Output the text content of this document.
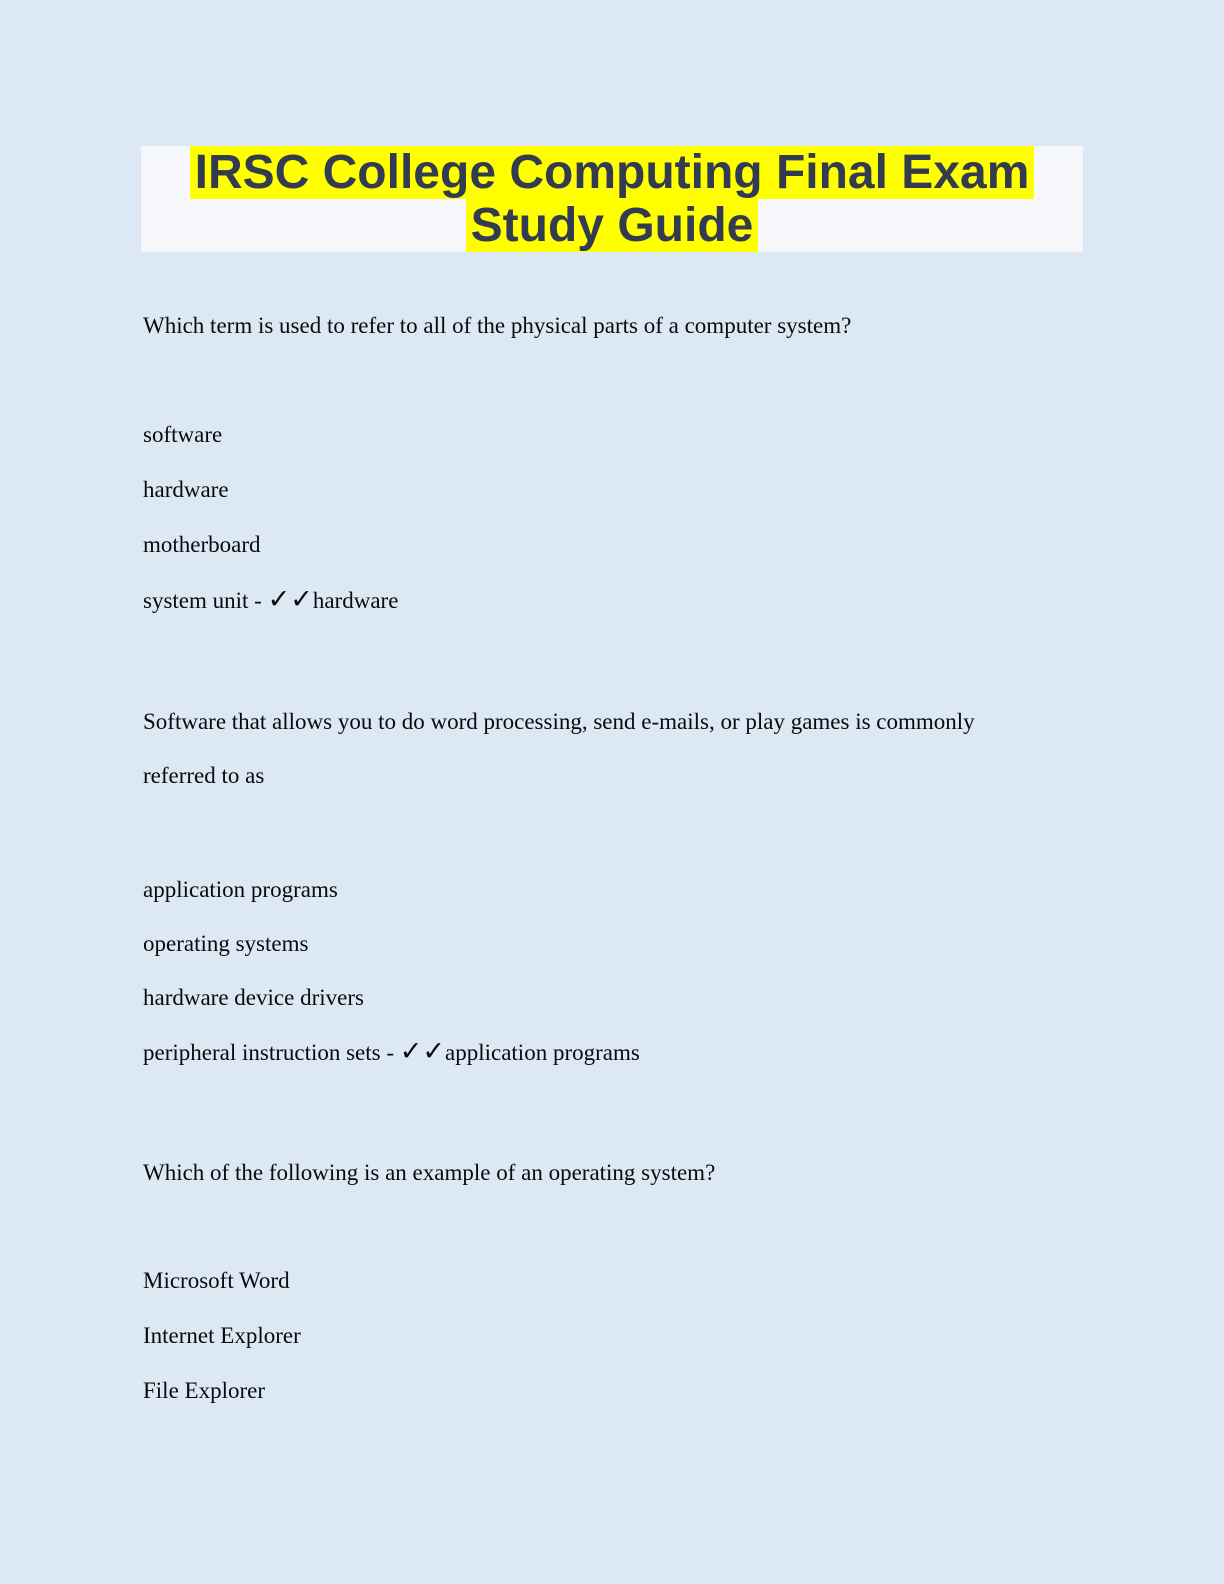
IRSC College Computing Final Exam
Study Guide
Which term is used to refer to all of the physical parts of a computer system?
software
hardware
motherboard
system unit - ✓✓hardware
Software that allows you to do word processing, send e-mails, or play games is commonly
referred to as
application programs
operating systems
hardware device drivers
peripheral instruction sets - ✓✓application programs
Which of the following is an example of an operating system?
Microsoft Word
Internet Explorer
File Explorer
